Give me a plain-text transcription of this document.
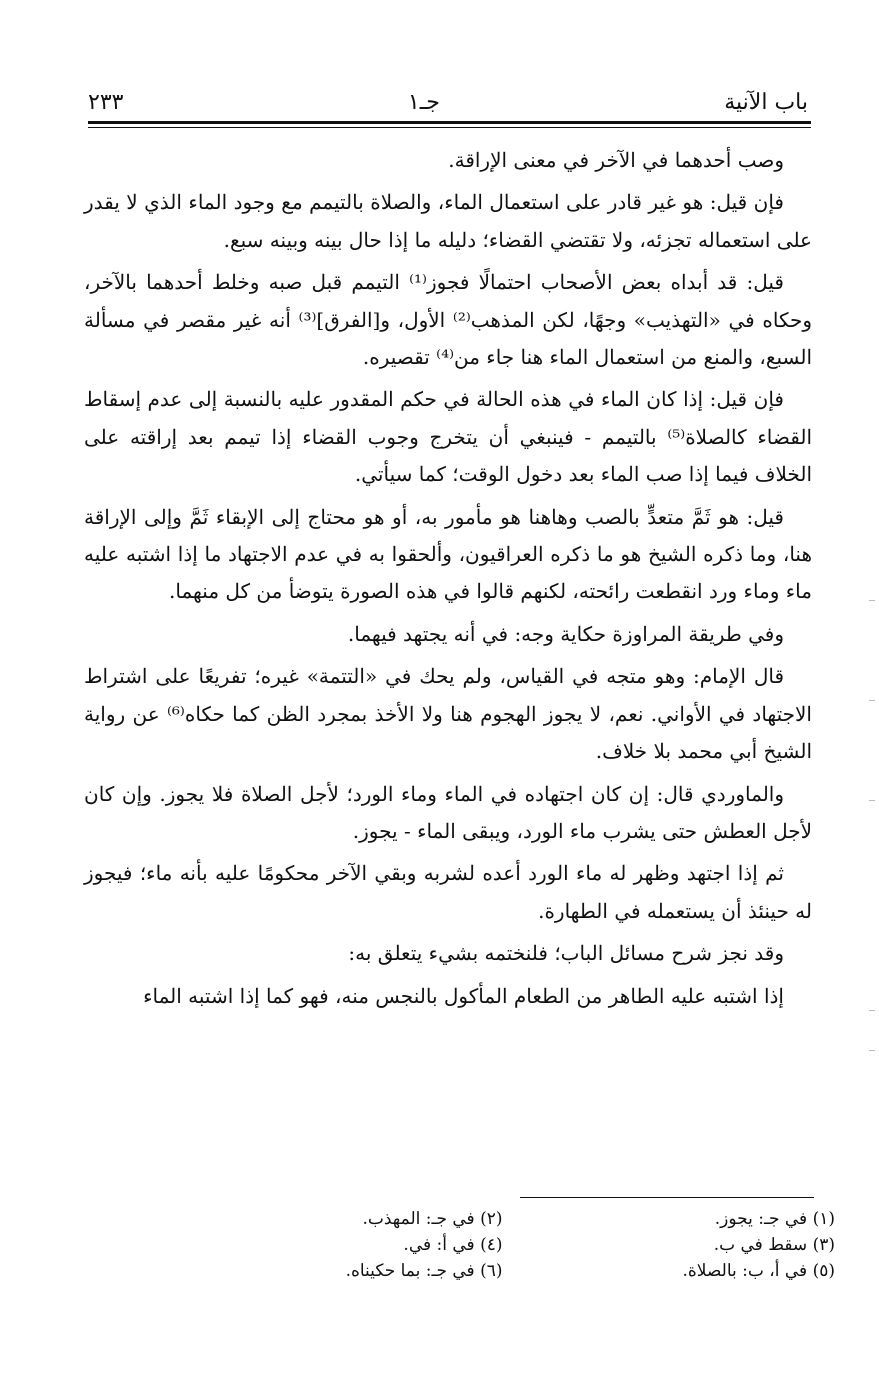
باب الآنية
جـ١
٢٣٣

وصب أحدهما في الآخر في معنى الإراقة.

فإن قيل: هو غير قادر على استعمال الماء، والصلاة بالتيمم مع وجود الماء الذي لا يقدر على استعماله تجزئه، ولا تقتضي القضاء؛ دليله ما إذا حال بينه وبينه سبع.

قيل: قد أبداه بعض الأصحاب احتمالًا فجوز⁽¹⁾ التيمم قبل صبه وخلط أحدهما بالآخر، وحكاه في «التهذيب» وجهًا، لكن المذهب⁽²⁾ الأول، و[الفرق]⁽³⁾ أنه غير مقصر في مسألة السبع، والمنع من استعمال الماء هنا جاء من⁽⁴⁾ تقصيره.

فإن قيل: إذا كان الماء في هذه الحالة في حكم المقدور عليه بالنسبة إلى عدم إسقاط القضاء كالصلاة⁽⁵⁾ بالتيمم - فينبغي أن يتخرج وجوب القضاء إذا تيمم بعد إراقته على الخلاف فيما إذا صب الماء بعد دخول الوقت؛ كما سيأتي.

قيل: هو ثَمَّ متعدٍّ بالصب وهاهنا هو مأمور به، أو هو محتاج إلى الإبقاء ثَمَّ وإلى الإراقة هنا، وما ذكره الشيخ هو ما ذكره العراقيون، وألحقوا به في عدم الاجتهاد ما إذا اشتبه عليه ماء وماء ورد انقطعت رائحته، لكنهم قالوا في هذه الصورة يتوضأ من كل منهما.

وفي طريقة المراوزة حكاية وجه: في أنه يجتهد فيهما.

قال الإمام: وهو متجه في القياس، ولم يحك في «التتمة» غيره؛ تفريعًا على اشتراط الاجتهاد في الأواني. نعم، لا يجوز الهجوم هنا ولا الأخذ بمجرد الظن كما حكاه⁽⁶⁾ عن رواية الشيخ أبي محمد بلا خلاف.

والماوردي قال: إن كان اجتهاده في الماء وماء الورد؛ لأجل الصلاة فلا يجوز. وإن كان لأجل العطش حتى يشرب ماء الورد، ويبقى الماء - يجوز.

ثم إذا اجتهد وظهر له ماء الورد أعده لشربه وبقي الآخر محكومًا عليه بأنه ماء؛ فيجوز له حينئذ أن يستعمله في الطهارة.

وقد نجز شرح مسائل الباب؛ فلنختمه بشيء يتعلق به:

إذا اشتبه عليه الطاهر من الطعام المأكول بالنجس منه، فهو كما إذا اشتبه الماء

(١) في جـ: يجوز.
(٢) في جـ: المهذب.
(٣) سقط في ب.
(٤) في أ: في.
(٥) في أ، ب: بالصلاة.
(٦) في جـ: بما حكيناه.
